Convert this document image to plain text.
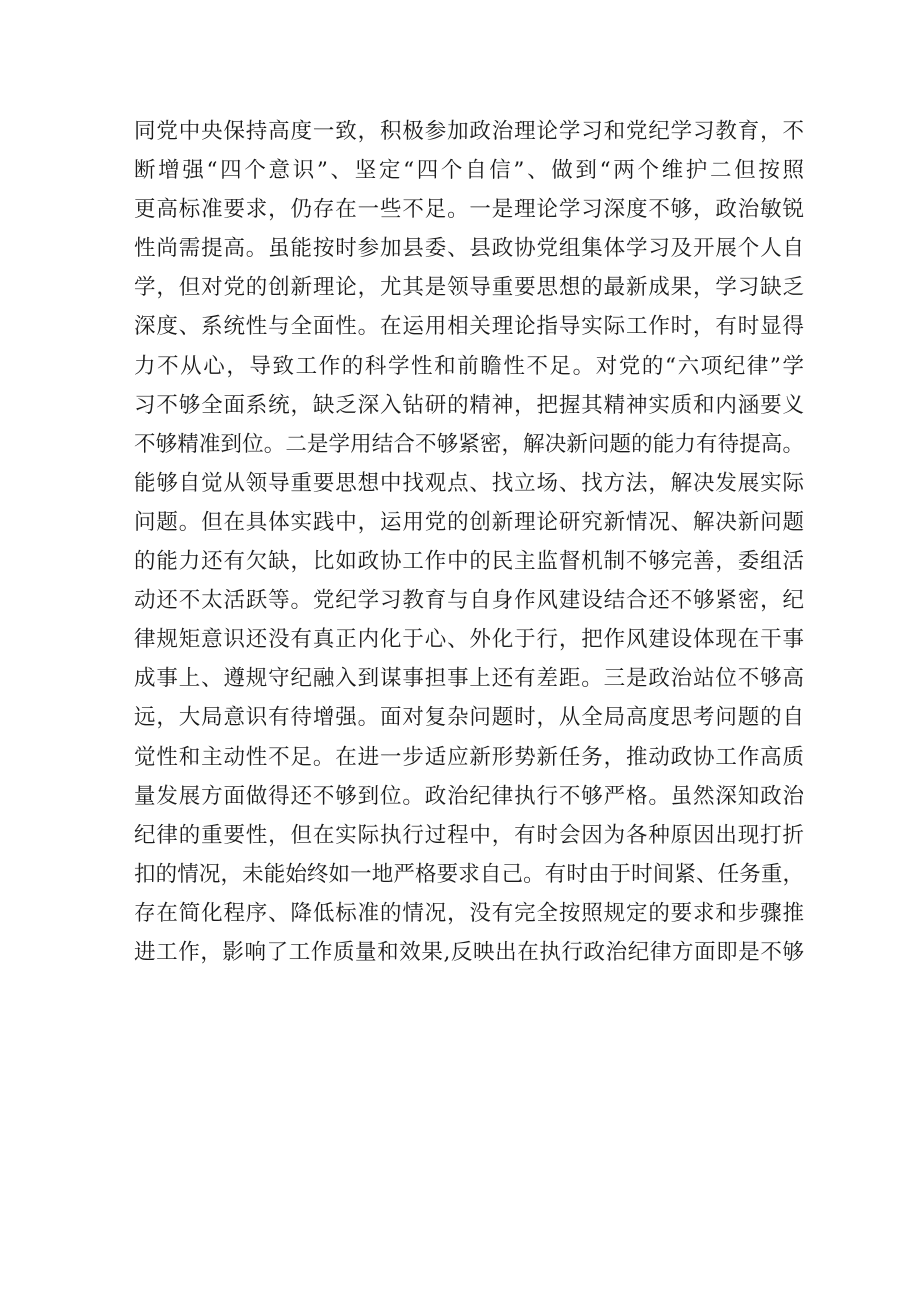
同党中央保持高度一致，积极参加政治理论学习和党纪学习教育，不
断增强“四个意识”、坚定“四个自信”、做到“两个维护二但按照
更高标准要求，仍存在一些不足。一是理论学习深度不够，政治敏锐
性尚需提高。虽能按时参加县委、县政协党组集体学习及开展个人自
学，但对党的创新理论，尤其是领导重要思想的最新成果，学习缺乏
深度、系统性与全面性。在运用相关理论指导实际工作时，有时显得
力不从心，导致工作的科学性和前瞻性不足。对党的“六项纪律”学
习不够全面系统，缺乏深入钻研的精神，把握其精神实质和内涵要义
不够精准到位。二是学用结合不够紧密，解决新问题的能力有待提高。
能够自觉从领导重要思想中找观点、找立场、找方法，解决发展实际
问题。但在具体实践中，运用党的创新理论研究新情况、解决新问题
的能力还有欠缺，比如政协工作中的民主监督机制不够完善，委组活
动还不太活跃等。党纪学习教育与自身作风建设结合还不够紧密，纪
律规矩意识还没有真正内化于心、外化于行，把作风建设体现在干事
成事上、遵规守纪融入到谋事担事上还有差距。三是政治站位不够高
远，大局意识有待增强。面对复杂问题时，从全局高度思考问题的自
觉性和主动性不足。在进一步适应新形势新任务，推动政协工作高质
量发展方面做得还不够到位。政治纪律执行不够严格。虽然深知政治
纪律的重要性，但在实际执行过程中，有时会因为各种原因出现打折
扣的情况，未能始终如一地严格要求自己。有时由于时间紧、任务重，
存在简化程序、降低标准的情况，没有完全按照规定的要求和步骤推
进工作，影响了工作质量和效果,反映出在执行政治纪律方面即是不够
